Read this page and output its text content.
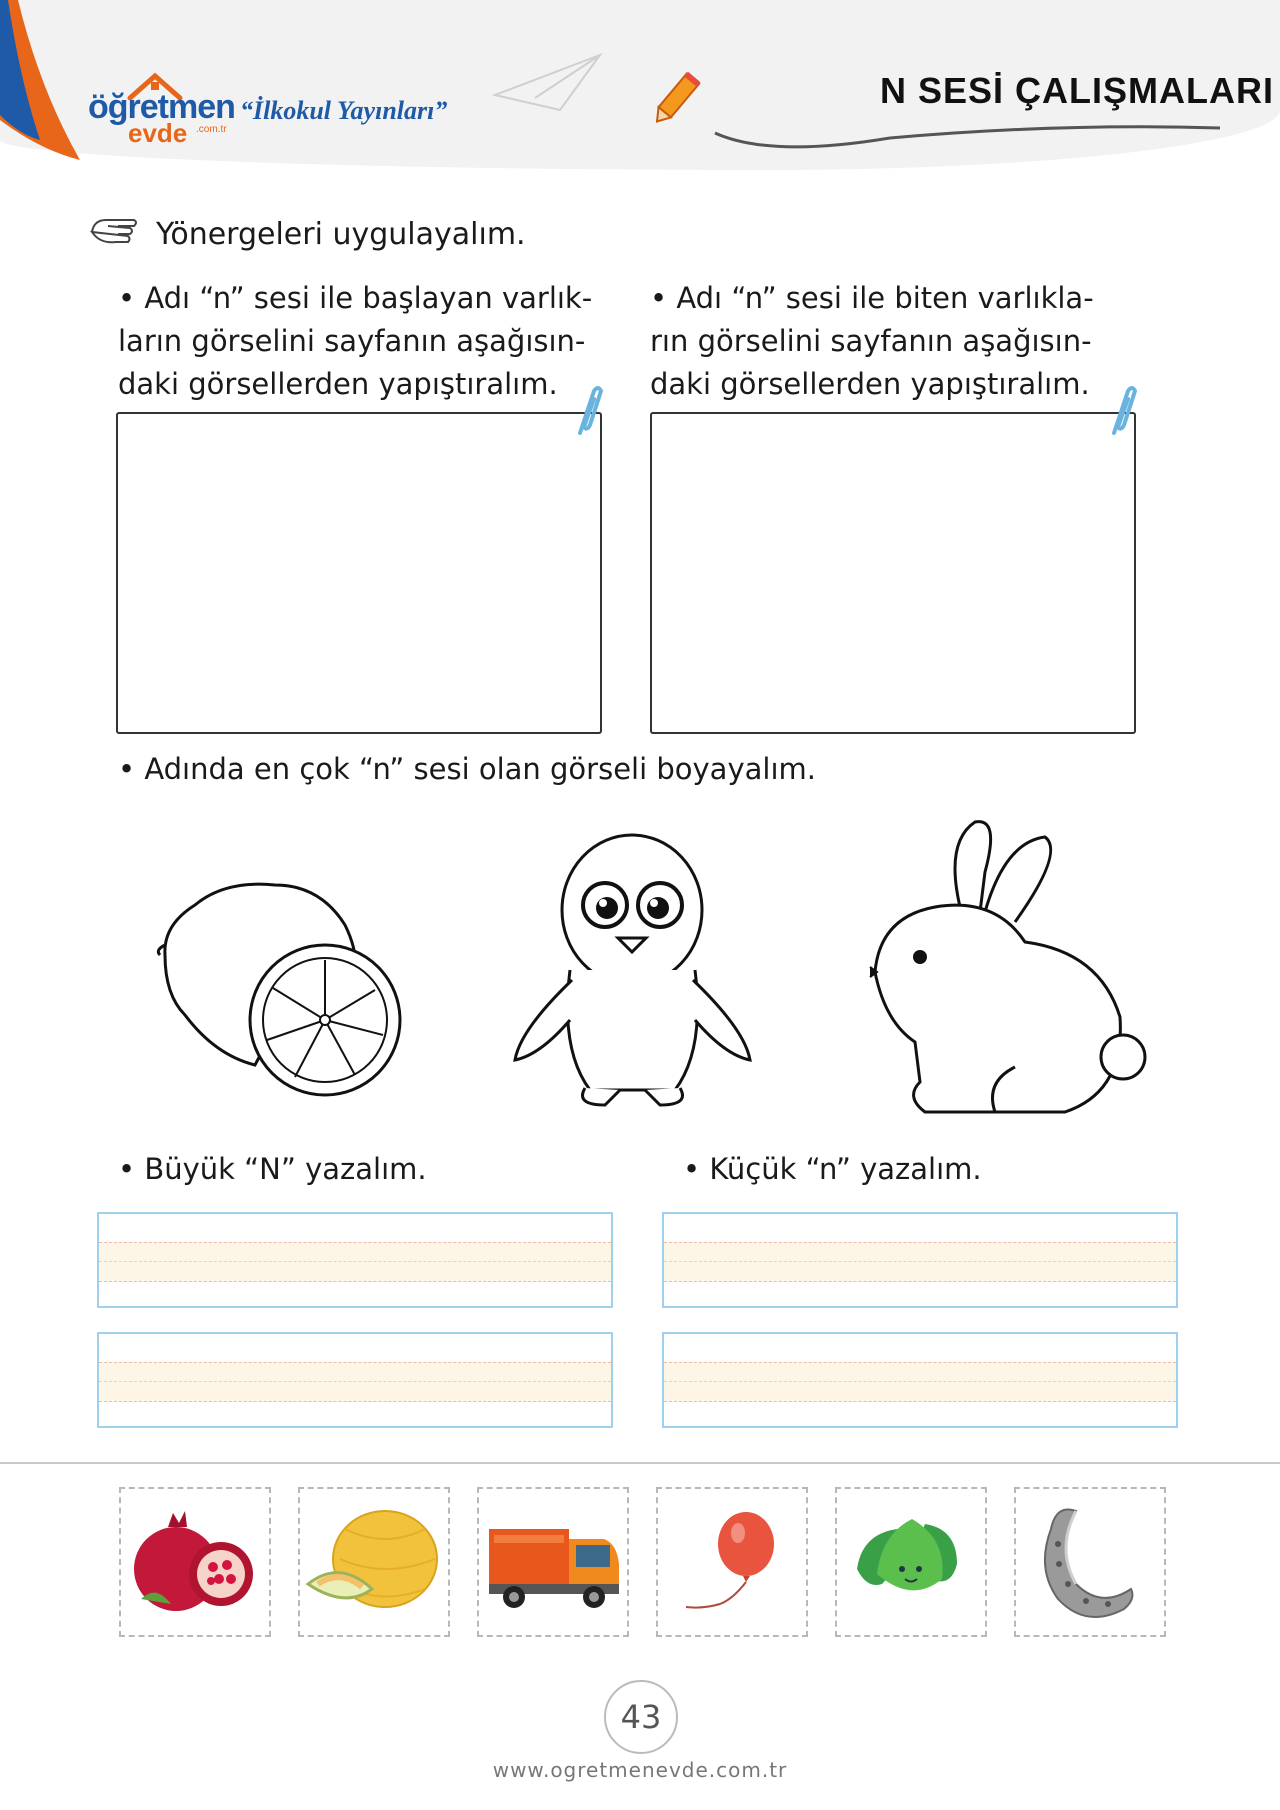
öğretmen
evde .com.tr
“İlkokul Yayınları”	N SESİ ÇALIŞMALARI
Yönergeleri uygulayalım.
• Adı “n” sesi ile başlayan varlık-
ların görselini sayfanın aşağısın-
daki görsellerden yapıştıralım.
• Adı “n” sesi ile biten varlıkla-
rın görselini sayfanın aşağısın-
daki görsellerden yapıştıralım.
• Adında en çok “n” sesi olan görseli boyayalım.
• Büyük “N” yazalım.	• Küçük “n” yazalım.
43
www.ogretmenevde.com.tr
